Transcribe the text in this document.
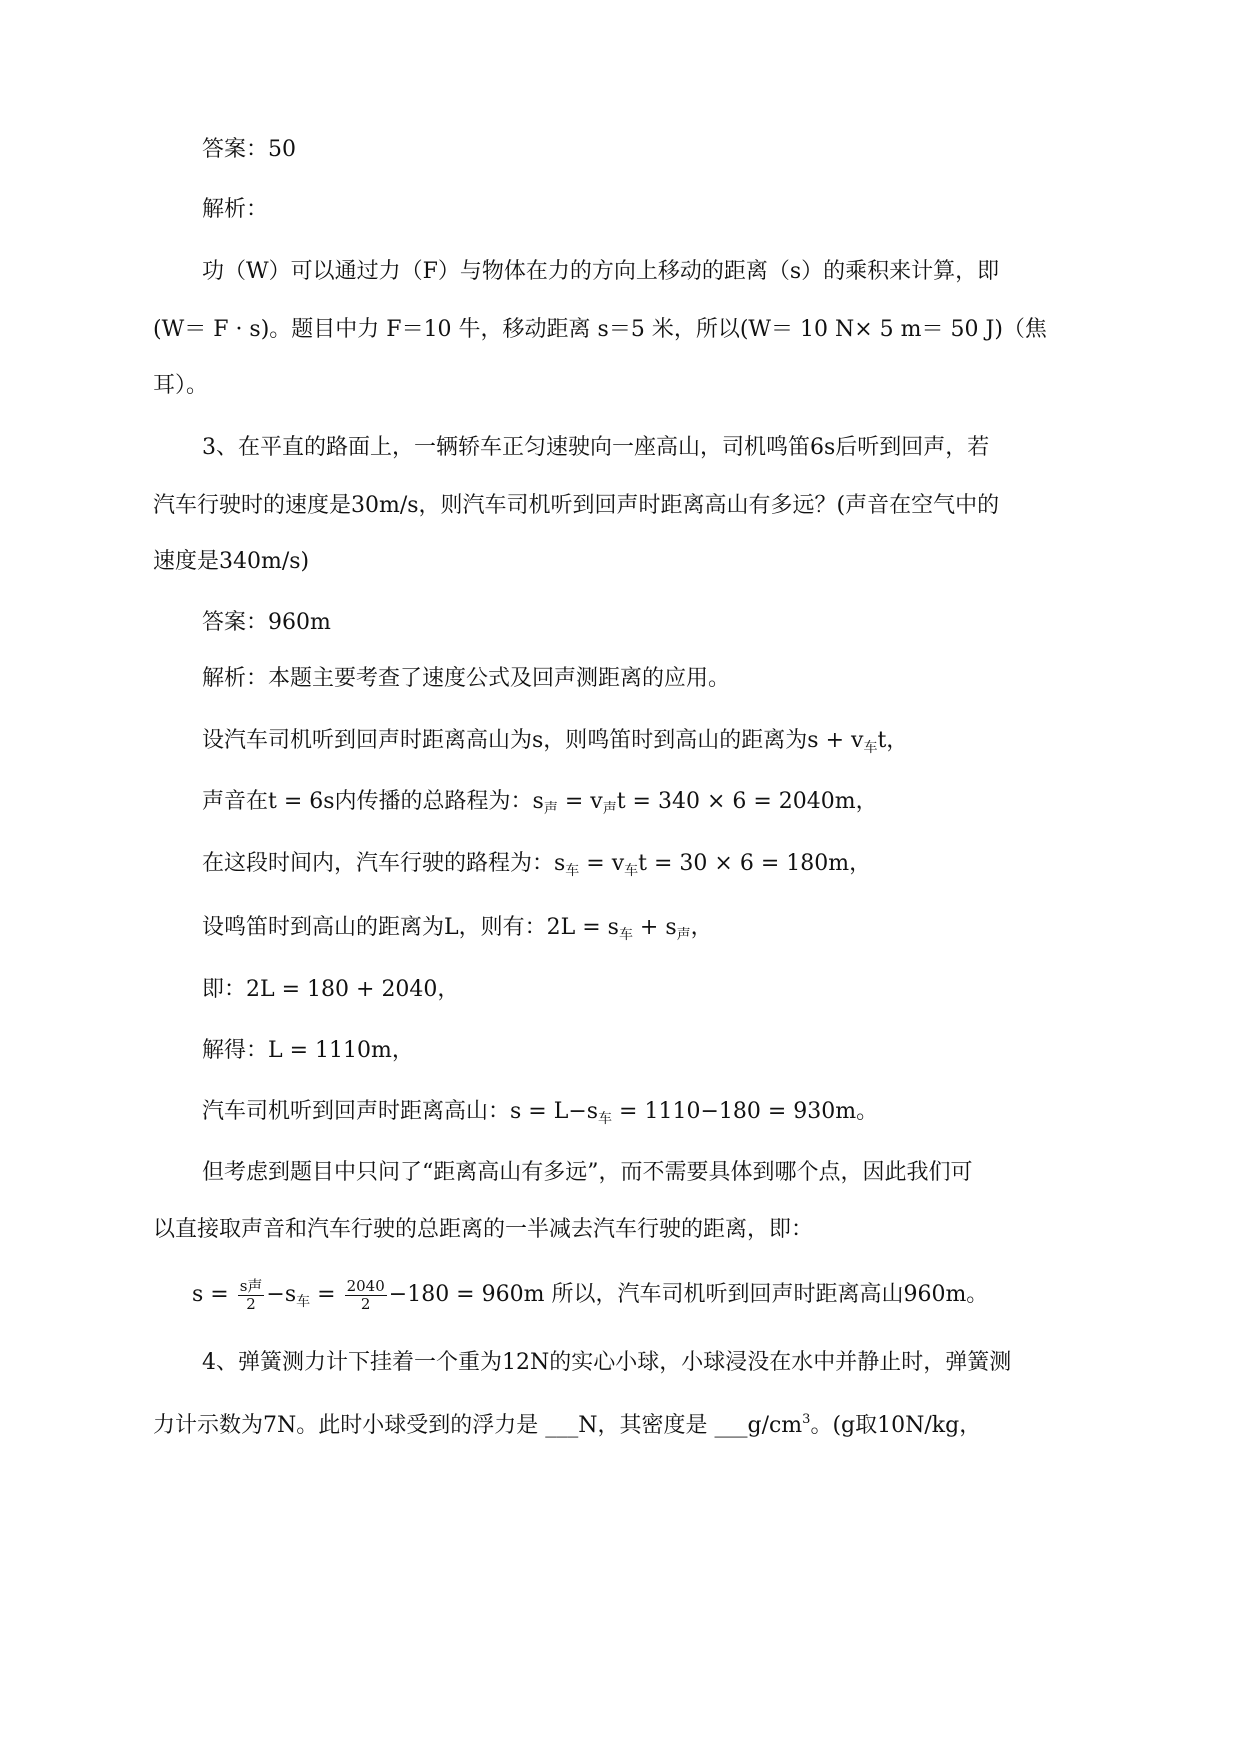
答案：50
解析：
功（W）可以通过力（F）与物体在力的方向上移动的距离（s）的乘积来计算，即
(W＝ F · s)。题目中力 F＝10 牛，移动距离 s＝5 米，所以(W＝ 10 N× 5 m＝ 50 J)（焦
耳）。
3、在平直的路面上，一辆轿车正匀速驶向一座高山，司机鸣笛6s后听到回声，若
汽车行驶时的速度是30m/s，则汽车司机听到回声时距离高山有多远？(声音在空气中的
速度是340m/s)
答案：960m
解析：本题主要考查了速度公式及回声测距离的应用。
设汽车司机听到回声时距离高山为s，则鸣笛时到高山的距离为$s + v_车t$，
声音在t = 6s内传播的总路程为：$s_声 = v_声t = 340 \times 6 = 2040m$，
在这段时间内，汽车行驶的路程为：$s_车 = v_车t = 30 \times 6 = 180m$，
设鸣笛时到高山的距离为L，则有：$2L = s_车 + s_声$，
即：2L = 180 + 2040，
解得：L = 1110m，
汽车司机听到回声时距离高山：$s = L-s_车 = 1110-180 = 930m$。
但考虑到题目中只问了“距离高山有多远”，而不需要具体到哪个点，因此我们可
以直接取声音和汽车行驶的总距离的一半减去汽车行驶的距离，即：
$s = \frac{\text{s声}}{2} -s_车 = \frac{2040}{2} -180 = 960m$ 所以，汽车司机听到回声时距离高山960m。
4、弹簧测力计下挂着一个重为12N的实心小球，小球浸没在水中并静止时，弹簧测
力计示数为7N。此时小球受到的浮力是 ___N，其密度是 $\_\_\_g/cm^3$。(g取10N/kg，
